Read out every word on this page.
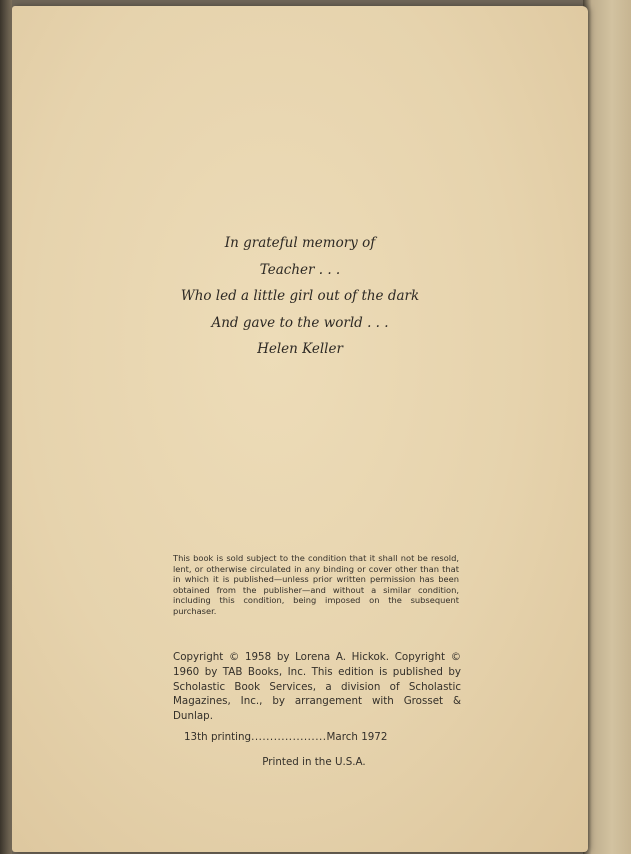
In grateful memory of
Teacher . . .
Who led a little girl out of the dark
And gave to the world . . .
Helen Keller
This book is sold subject to the condition that it shall not be resold, lent, or otherwise circulated in any binding or cover other than that in which it is published—unless prior written permission has been obtained from the publisher—and without a similar condition, including this condition, being imposed on the subsequent purchaser.
Copyright © 1958 by Lorena A. Hickok. Copyright © 1960 by TAB Books, Inc. This edition is published by Scholastic Book Services, a division of Scholastic Magazines, Inc., by arrangement with Grosset & Dunlap.
13th printing....................March 1972
Printed in the U.S.A.
